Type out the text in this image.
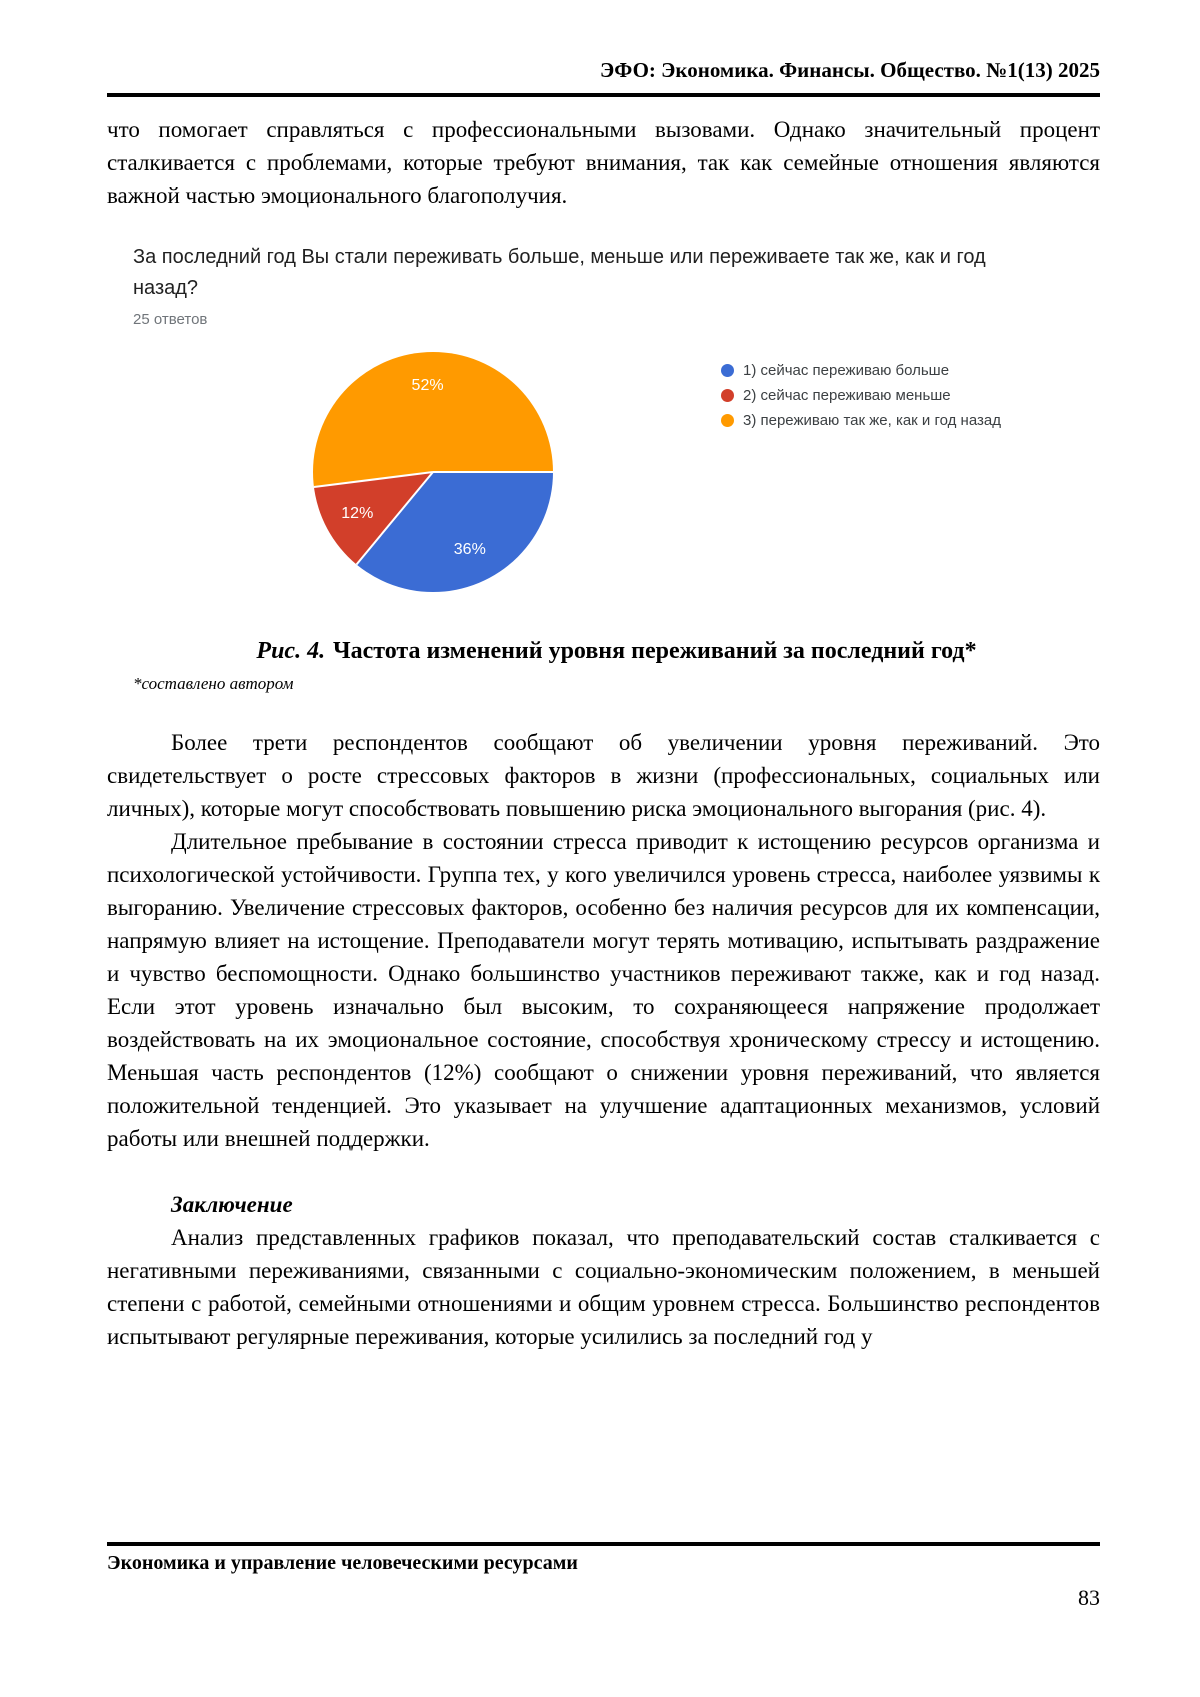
ЭФО: Экономика. Финансы. Общество. №1(13) 2025

что помогает справляться с профессиональными вызовами. Однако значительный процент сталкивается с проблемами, которые требуют внимания, так как семейные отношения являются важной частью эмоционального благополучия.

За последний год Вы стали переживать больше, меньше или переживаете так же, как и год назад?
25 ответов
36%
12%
52%
1) сейчас переживаю больше
2) сейчас переживаю меньше
3) переживаю так же, как и год назад
Рис. 4. Частота изменений уровня переживаний за последний год*
*составлено автором

Более трети респондентов сообщают об увеличении уровня переживаний. Это свидетельствует о росте стрессовых факторов в жизни (профессиональных, социальных или личных), которые могут способствовать повышению риска эмоционального выгорания (рис. 4).

Длительное пребывание в состоянии стресса приводит к истощению ресурсов организма и психологической устойчивости. Группа тех, у кого увеличился уровень стресса, наиболее уязвимы к выгоранию. Увеличение стрессовых факторов, особенно без наличия ресурсов для их компенсации, напрямую влияет на истощение. Преподаватели могут терять мотивацию, испытывать раздражение и чувство беспомощности. Однако большинство участников переживают также, как и год назад. Если этот уровень изначально был высоким, то сохраняющееся напряжение продолжает воздействовать на их эмоциональное состояние, способствуя хроническому стрессу и истощению. Меньшая часть респондентов (12%) сообщают о снижении уровня переживаний, что является положительной тенденцией. Это указывает на улучшение адаптационных механизмов, условий работы или внешней поддержки.

Заключение

Анализ представленных графиков показал, что преподавательский состав сталкивается с негативными переживаниями, связанными с социально-экономическим положением, в меньшей степени с работой, семейными отношениями и общим уровнем стресса. Большинство респондентов испытывают регулярные переживания, которые усилились за последний год у

Экономика и управление человеческими ресурсами
83
